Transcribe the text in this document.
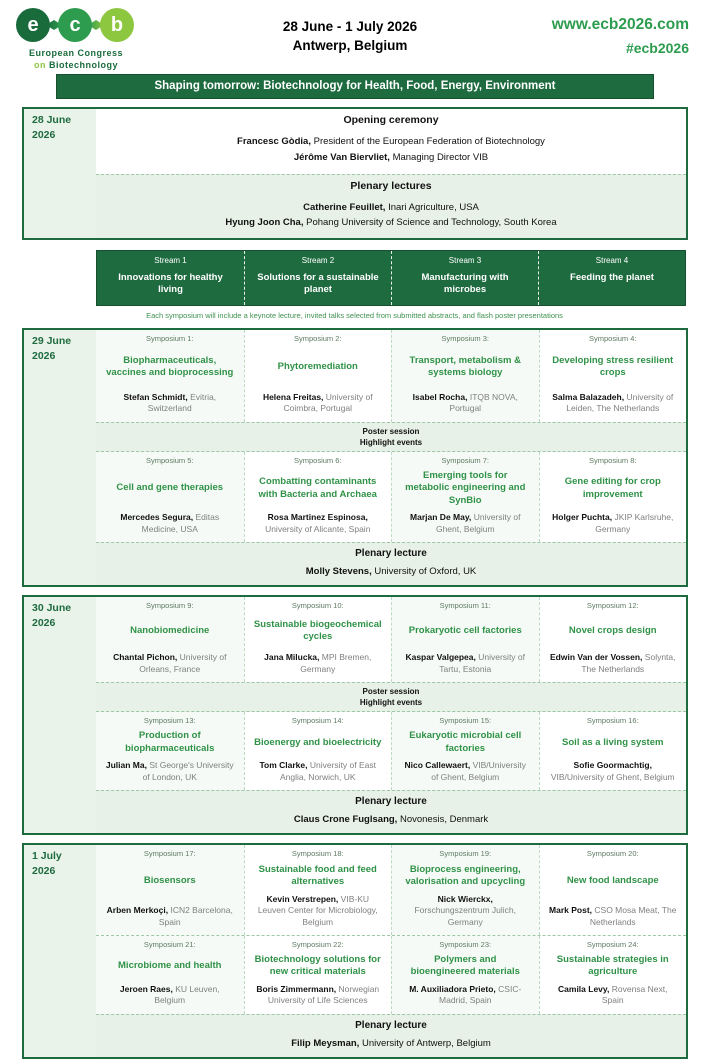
e	c	b
European Congress
on Biotechnology
28 June - 1 July 2026
Antwerp, Belgium
www.ecb2026.com
#ecb2026
Shaping tomorrow: Biotechnology for Health, Food, Energy, Environment
28 June
2026
Opening ceremony
Francesc Gòdia, President of the European Federation of Biotechnology
Jérôme Van Biervliet, Managing Director VIB
Plenary lectures
Catherine Feuillet, Inari Agriculture, USA
Hyung Joon Cha, Pohang University of Science and Technology, South Korea
Stream 1
Innovations for healthy living
Stream 2
Solutions for a sustainable planet
Stream 3
Manufacturing with microbes
Stream 4
Feeding the planet
Each symposium will include a keynote lecture, invited talks selected from submitted abstracts, and flash poster presentations
29 June
2026
Symposium 1:
Biopharmaceuticals, vaccines and bioprocessing
Stefan Schmidt, Evitria, Switzerland
Symposium 2:
Phytoremediation
Helena Freitas, University of Coimbra, Portugal
Symposium 3:
Transport, metabolism & systems biology
Isabel Rocha, ITQB NOVA, Portugal
Symposium 4:
Developing stress resilient crops
Salma Balazadeh, University of Leiden, The Netherlands
Poster session
Highlight events
Symposium 5:
Cell and gene therapies
Mercedes Segura, Editas Medicine, USA
Symposium 6:
Combatting contaminants with Bacteria and Archaea
Rosa Martinez Espinosa, University of Alicante, Spain
Symposium 7:
Emerging tools for metabolic engineering and SynBio
Marjan De May, University of Ghent, Belgium
Symposium 8:
Gene editing for crop improvement
Holger Puchta, JKIP Karlsruhe, Germany
Plenary lecture
Molly Stevens, University of Oxford, UK
30 June
2026
Symposium 9:
Nanobiomedicine
Chantal Pichon, University of Orleans, France
Symposium 10:
Sustainable biogeochemical cycles
Jana Milucka, MPI Bremen, Germany
Symposium 11:
Prokaryotic cell factories
Kaspar Valgepea, University of Tartu, Estonia
Symposium 12:
Novel crops design
Edwin Van der Vossen, Solynta, The Netherlands
Poster session
Highlight events
Symposium 13:
Production of biopharmaceuticals
Julian Ma, St George's University of London, UK
Symposium 14:
Bioenergy and bioelectricity
Tom Clarke, University of East Anglia, Norwich, UK
Symposium 15:
Eukaryotic microbial cell factories
Nico Callewaert, VIB/University of Ghent, Belgium
Symposium 16:
Soil as a living system
Sofie Goormachtig, VIB/University of Ghent, Belgium
Plenary lecture
Claus Crone Fuglsang, Novonesis, Denmark
1 July
2026
Symposium 17:
Biosensors
Arben Merkoçi, ICN2 Barcelona, Spain
Symposium 18:
Sustainable food and feed alternatives
Kevin Verstrepen, VIB-KU Leuven Center for Microbiology, Belgium
Symposium 19:
Bioprocess engineering, valorisation and upcycling
Nick Wierckx, Forschungszentrum Julich, Germany
Symposium 20:
New food landscape
Mark Post, CSO Mosa Meat, The Netherlands
Symposium 21:
Microbiome and health
Jeroen Raes, KU Leuven, Belgium
Symposium 22:
Biotechnology solutions for new critical materials
Boris Zimmermann, Norwegian University of Life Sciences
Symposium 23:
Polymers and bioengineered materials
M. Auxiliadora Prieto, CSIC-Madrid, Spain
Symposium 24:
Sustainable strategies in agriculture
Camila Levy, Rovensa Next, Spain
Plenary lecture
Filip Meysman, University of Antwerp, Belgium
